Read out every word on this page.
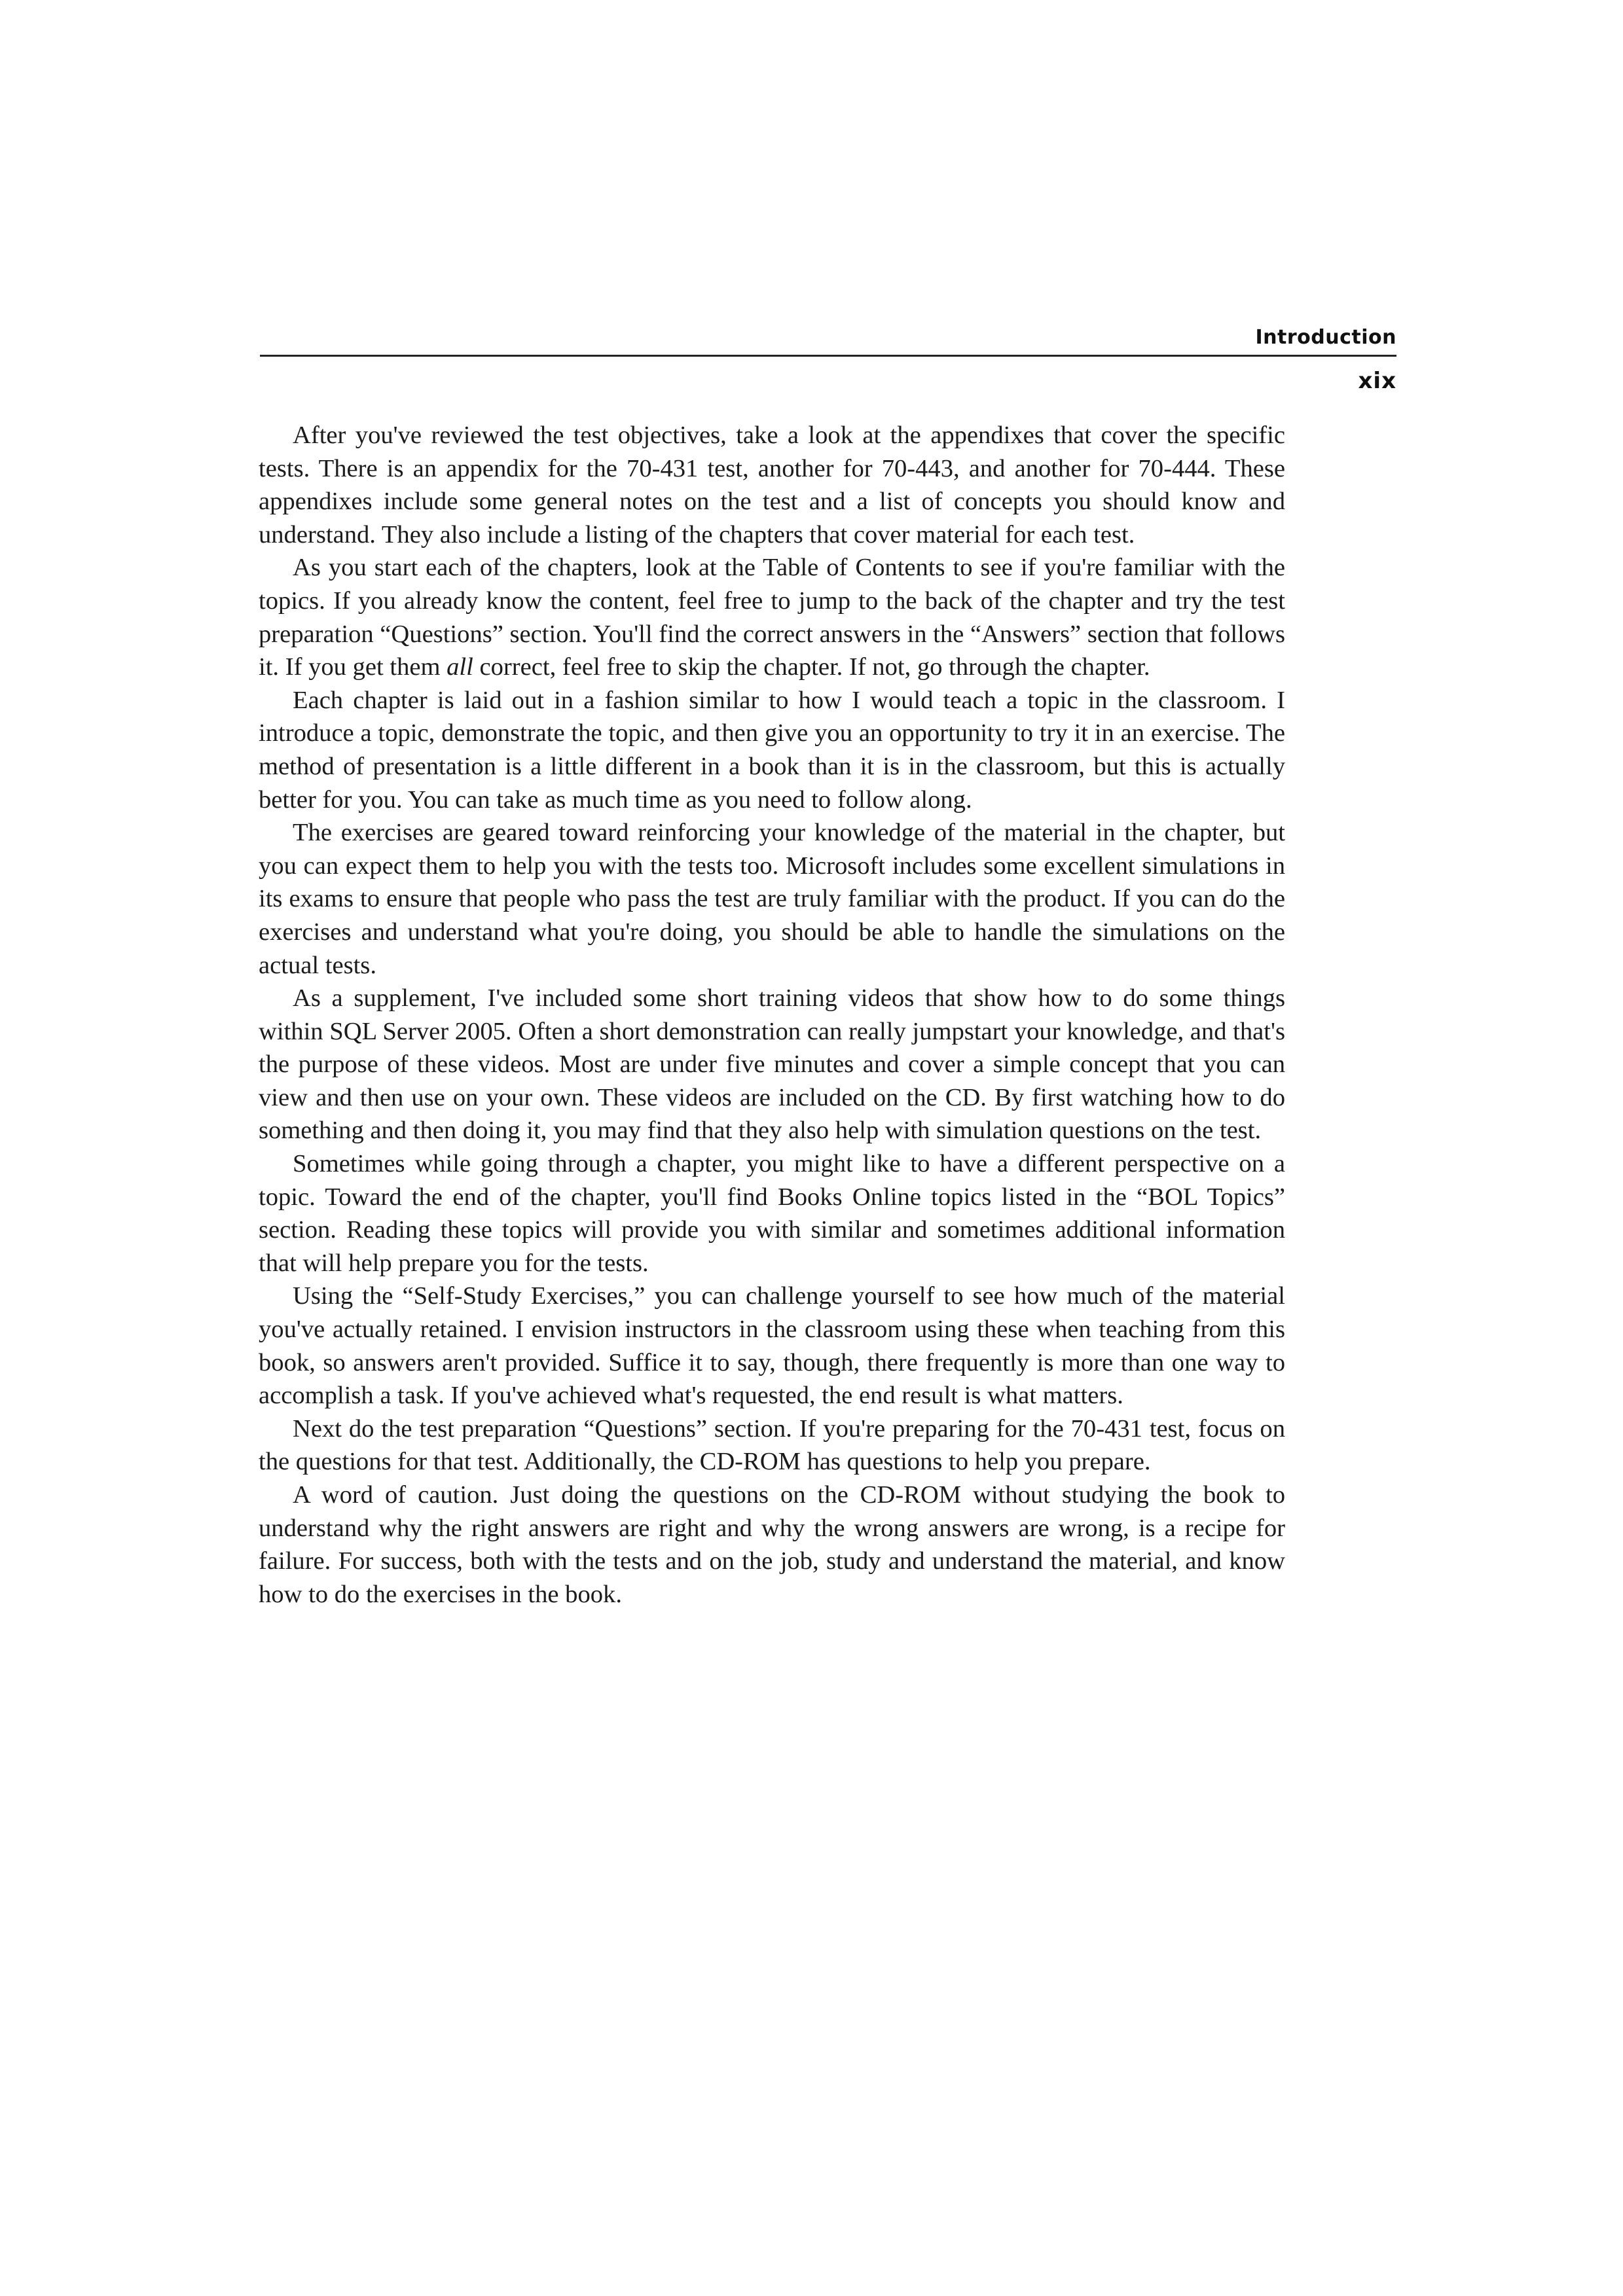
Introduction
xix

After you've reviewed the test objectives, take a look at the appendixes that cover the specific tests. There is an appendix for the 70-431 test, another for 70-443, and another for 70-444. These appendixes include some general notes on the test and a list of concepts you should know and understand. They also include a listing of the chapters that cover material for each test.

As you start each of the chapters, look at the Table of Contents to see if you're familiar with the topics. If you already know the content, feel free to jump to the back of the chapter and try the test preparation “Questions” section. You'll find the correct answers in the “Answers” section that follows it. If you get them all correct, feel free to skip the chapter. If not, go through the chapter.

Each chapter is laid out in a fashion similar to how I would teach a topic in the classroom. I introduce a topic, demonstrate the topic, and then give you an opportunity to try it in an exercise. The method of presentation is a little different in a book than it is in the classroom, but this is actually better for you. You can take as much time as you need to follow along.

The exercises are geared toward reinforcing your knowledge of the material in the chapter, but you can expect them to help you with the tests too. Microsoft includes some excellent simulations in its exams to ensure that people who pass the test are truly familiar with the product. If you can do the exercises and understand what you're doing, you should be able to handle the simulations on the actual tests.

As a supplement, I've included some short training videos that show how to do some things within SQL Server 2005. Often a short demonstration can really jumpstart your knowledge, and that's the purpose of these videos. Most are under five minutes and cover a simple concept that you can view and then use on your own. These videos are included on the CD. By first watching how to do something and then doing it, you may find that they also help with simulation questions on the test.

Sometimes while going through a chapter, you might like to have a different perspective on a topic. Toward the end of the chapter, you'll find Books Online topics listed in the “BOL Topics” section. Reading these topics will provide you with similar and sometimes additional information that will help prepare you for the tests.

Using the “Self-Study Exercises,” you can challenge yourself to see how much of the material you've actually retained. I envision instructors in the classroom using these when teaching from this book, so answers aren't provided. Suffice it to say, though, there frequently is more than one way to accomplish a task. If you've achieved what's requested, the end result is what matters.

Next do the test preparation “Questions” section. If you're preparing for the 70-431 test, focus on the questions for that test. Additionally, the CD-ROM has questions to help you prepare.

A word of caution. Just doing the questions on the CD-ROM without studying the book to understand why the right answers are right and why the wrong answers are wrong, is a recipe for failure. For success, both with the tests and on the job, study and understand the material, and know how to do the exercises in the book.
